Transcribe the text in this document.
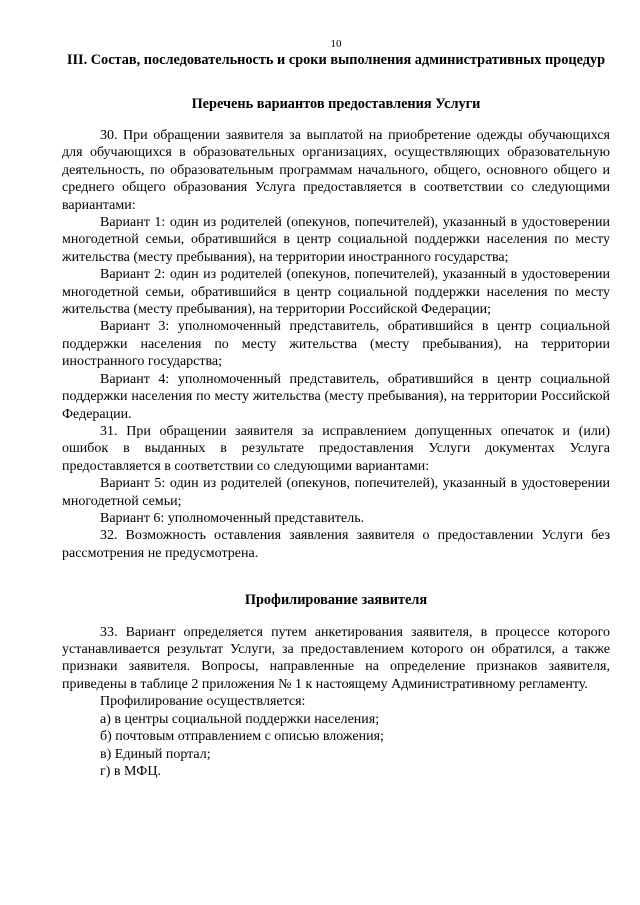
10
III. Состав, последовательность и сроки выполнения административных процедур
Перечень вариантов предоставления Услуги

30. При обращении заявителя за выплатой на приобретение одежды обучающихся для обучающихся в образовательных организациях, осуществляющих образовательную деятельность, по образовательным программам начального, общего, основного общего и среднего общего образования Услуга предоставляется в соответствии со следующими вариантами:

Вариант 1: один из родителей (опекунов, попечителей), указанный в удостоверении многодетной семьи, обратившийся в центр социальной поддержки населения по месту жительства (месту пребывания), на территории иностранного государства;

Вариант 2: один из родителей (опекунов, попечителей), указанный в удостоверении многодетной семьи, обратившийся в центр социальной поддержки населения по месту жительства (месту пребывания), на территории Российской Федерации;

Вариант 3: уполномоченный представитель, обратившийся в центр социальной поддержки населения по месту жительства (месту пребывания), на территории иностранного государства;

Вариант 4: уполномоченный представитель, обратившийся в центр социальной поддержки населения по месту жительства (месту пребывания), на территории Российской Федерации.

31. При обращении заявителя за исправлением допущенных опечаток и (или) ошибок в выданных в результате предоставления Услуги документах Услуга предоставляется в соответствии со следующими вариантами:

Вариант 5: один из родителей (опекунов, попечителей), указанный в удостоверении многодетной семьи;

Вариант 6: уполномоченный представитель.

32. Возможность оставления заявления заявителя о предоставлении Услуги без рассмотрения не предусмотрена.

Профилирование заявителя

33. Вариант определяется путем анкетирования заявителя, в процессе которого устанавливается результат Услуги, за предоставлением которого он обратился, а также признаки заявителя. Вопросы, направленные на определение признаков заявителя, приведены в таблице 2 приложения № 1 к настоящему Административному регламенту.

Профилирование осуществляется:

а) в центры социальной поддержки населения;

б) почтовым отправлением с описью вложения;

в) Единый портал;

г) в МФЦ.
